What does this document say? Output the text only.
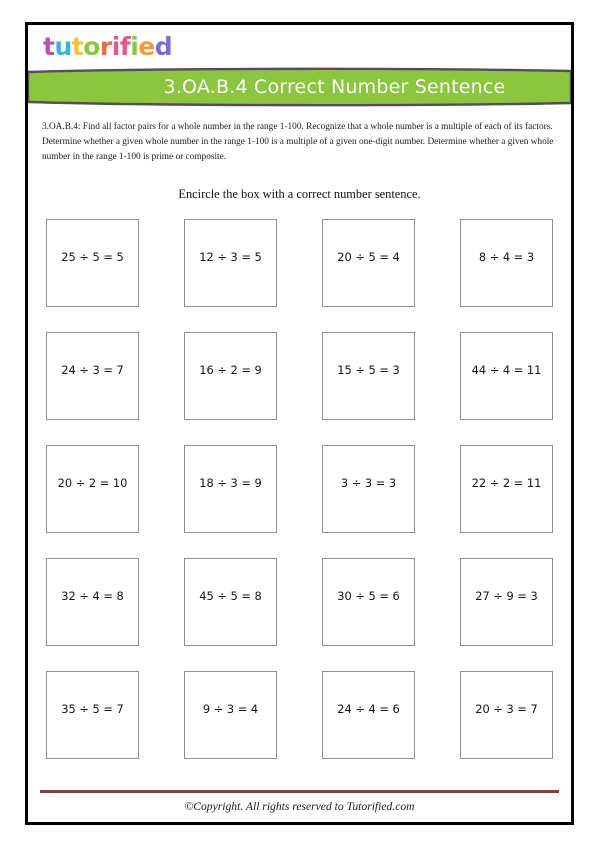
tutorified
3.OA.B.4 Correct Number Sentence
3.OA.B.4: Find all factor pairs for a whole number in the range 1-100. Recognize that a whole number is a multiple of each of its factors. Determine whether a given whole number in the range 1-100 is a multiple of a given one-digit number. Determine whether a given whole number in the range 1-100 is prime or composite.
Encircle the box with a correct number sentence.
25 ÷ 5 = 5	12 ÷ 3 = 5	20 ÷ 5 = 4	8 ÷ 4 = 3
24 ÷ 3 = 7	16 ÷ 2 = 9	15 ÷ 5 = 3	44 ÷ 4 = 11
20 ÷ 2 = 10	18 ÷ 3 = 9	3 ÷ 3 = 3	22 ÷ 2 = 11
32 ÷ 4 = 8	45 ÷ 5 = 8	30 ÷ 5 = 6	27 ÷ 9 = 3
35 ÷ 5 = 7	9 ÷ 3 = 4	24 ÷ 4 = 6	20 ÷ 3 = 7
©Copyright. All rights reserved to Tutorified.com
